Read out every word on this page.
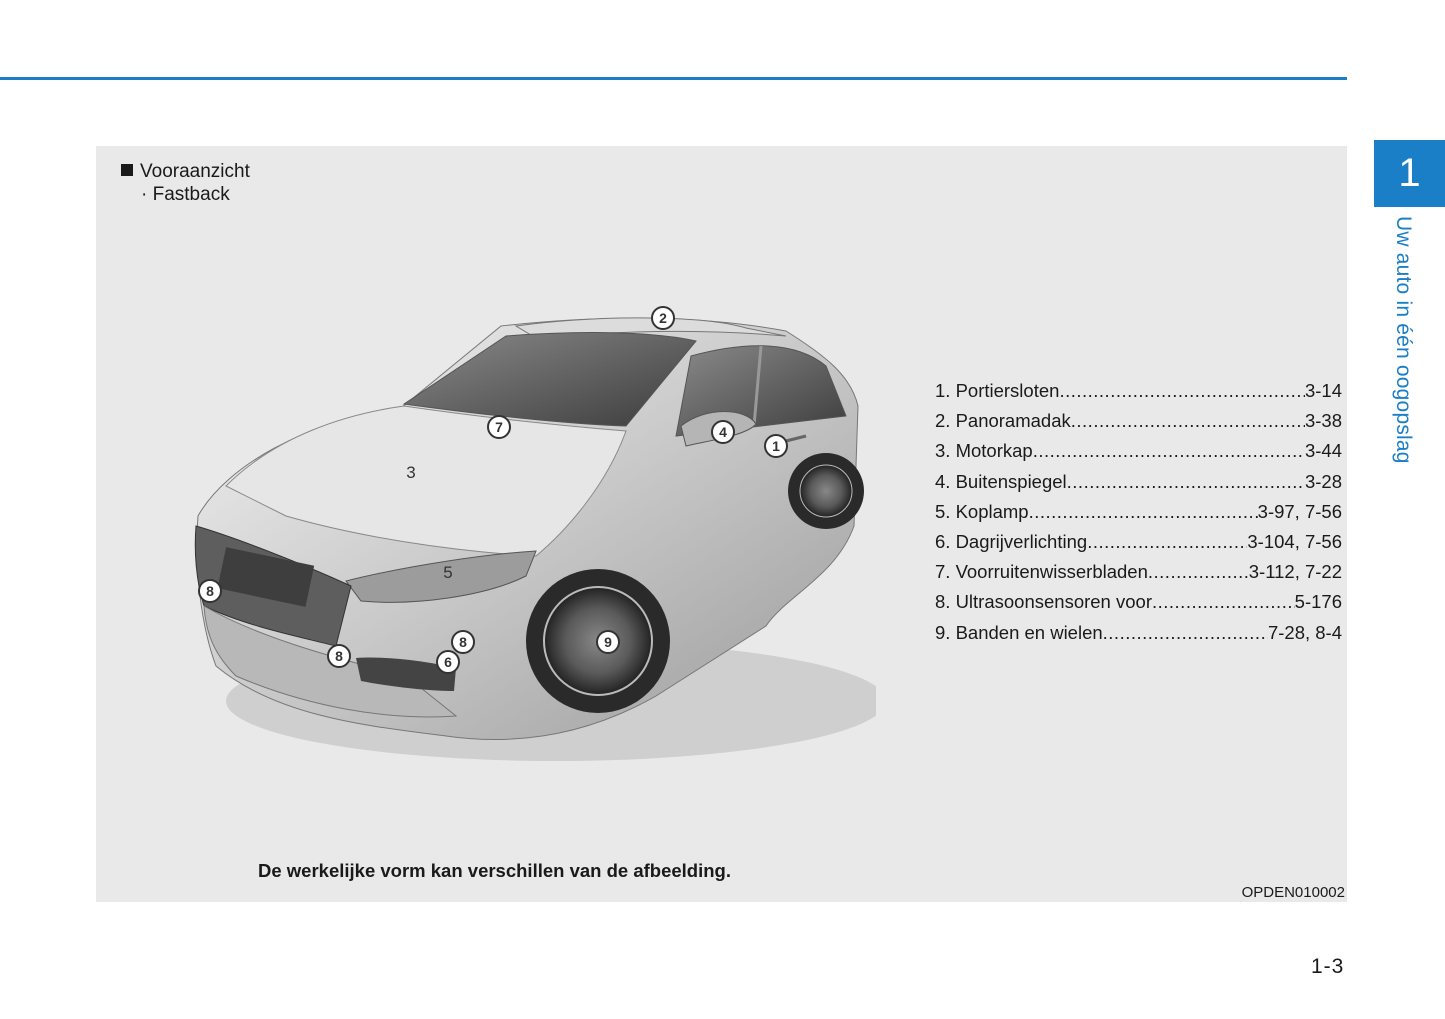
1
Uw auto in één oogopslag
Vooraanzicht
· Fastback
1
2
3
4
5
6
7
8
8
8	9
1. Portiersloten .....	3-14
2. Panoramadak .....	3-38
3. Motorkap .....	3-44
4. Buitenspiegel .....	3-28
5. Koplamp .....	3-97, 7-56
6. Dagrijverlichting .....	3-104, 7-56
7. Voorruitenwisserbladen .....	3-112, 7-22
8. Ultrasoonsensoren voor .....	5-176
9. Banden en wielen .....	7-28, 8-4
De werkelijke vorm kan verschillen van de afbeelding.
OPDEN010002
1-3
